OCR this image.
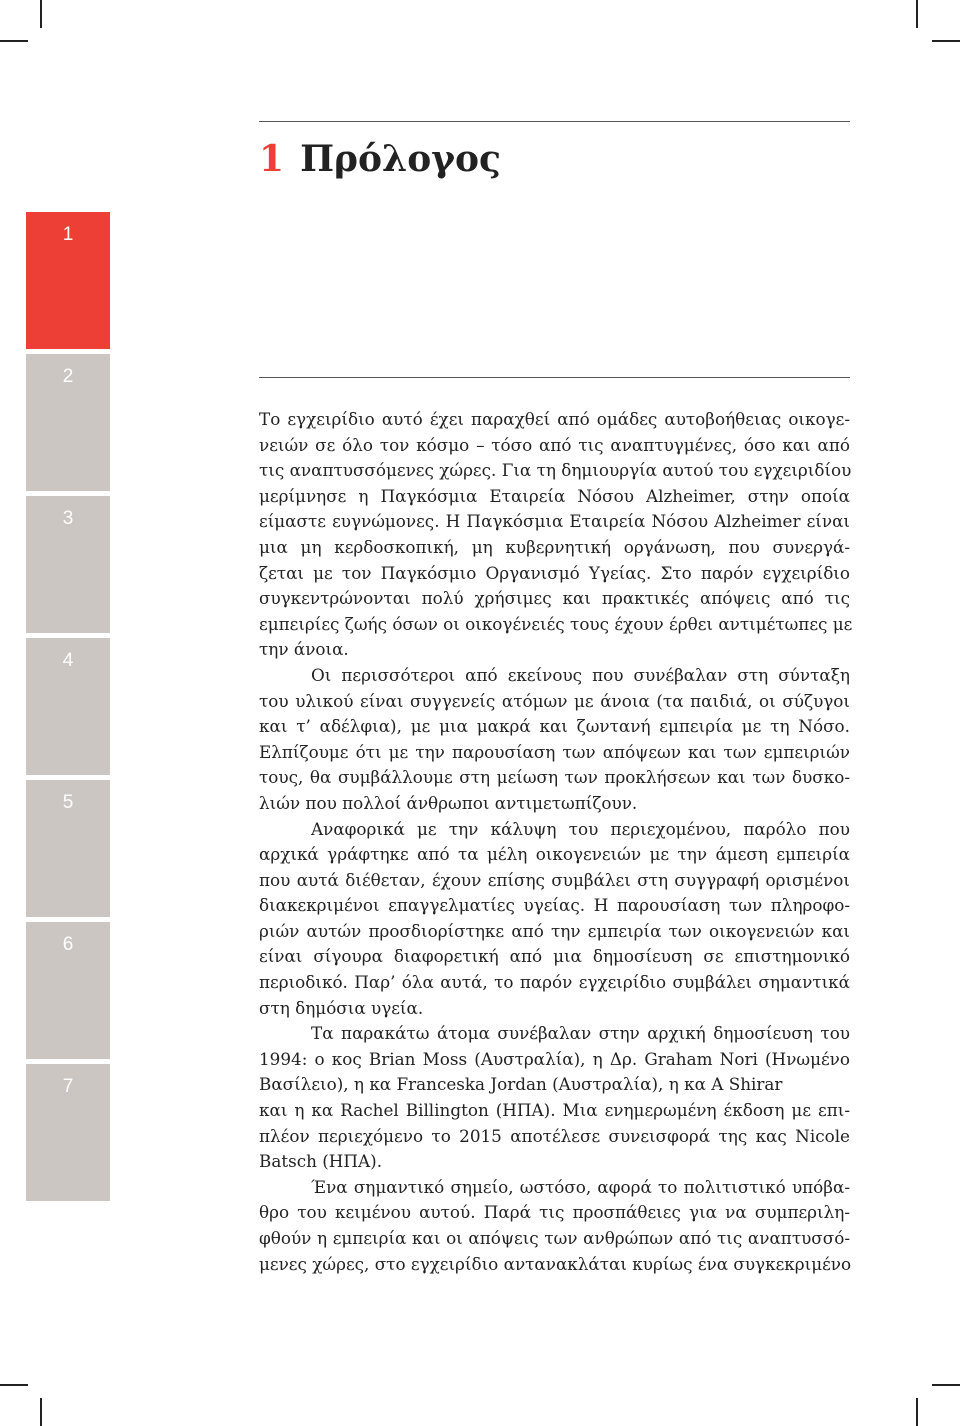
1
2
3
4
5
6
7
1 Πρόλογος
Το εγχειρίδιο αυτό έχει παραχθεί από ομάδες αυτοβοήθειας οικογε-
νειών σε όλο τον κόσμο – τόσο από τις αναπτυγμένες, όσο και από
τις αναπτυσσόμενες χώρες. Για τη δημιουργία αυτού του εγχειριδίου
μερίμνησε η Παγκόσμια Εταιρεία Νόσου Alzheimer, στην οποία
είμαστε ευγνώμονες. Η Παγκόσμια Εταιρεία Νόσου Alzheimer είναι
μια μη κερδοσκοπική, μη κυβερνητική οργάνωση, που συνεργά-
ζεται με τον Παγκόσμιο Οργανισμό Υγείας. Στο παρόν εγχειρίδιο
συγκεντρώνονται πολύ χρήσιμες και πρακτικές απόψεις από τις
εμπειρίες ζωής όσων οι οικογένειές τους έχουν έρθει αντιμέτωπες με
την άνοια.
Οι περισσότεροι από εκείνους που συνέβαλαν στη σύνταξη
του υλικού είναι συγγενείς ατόμων με άνοια (τα παιδιά, οι σύζυγοι
και τ’ αδέλφια), με μια μακρά και ζωντανή εμπειρία με τη Νόσο.
Ελπίζουμε ότι με την παρουσίαση των απόψεων και των εμπειριών
τους, θα συμβάλλουμε στη μείωση των προκλήσεων και των δυσκο-
λιών που πολλοί άνθρωποι αντιμετωπίζουν.
Αναφορικά με την κάλυψη του περιεχομένου, παρόλο που
αρχικά γράφτηκε από τα μέλη οικογενειών με την άμεση εμπειρία
που αυτά διέθεταν, έχουν επίσης συμβάλει στη συγγραφή ορισμένοι
διακεκριμένοι επαγγελματίες υγείας. Η παρουσίαση των πληροφο-
ριών αυτών προσδιορίστηκε από την εμπειρία των οικογενειών και
είναι σίγουρα διαφορετική από μια δημοσίευση σε επιστημονικό
περιοδικό. Παρ’ όλα αυτά, το παρόν εγχειρίδιο συμβάλει σημαντικά
στη δημόσια υγεία.
Τα παρακάτω άτομα συνέβαλαν στην αρχική δημοσίευση του
1994: ο κος Brian Moss (Αυστραλία), η Δρ. Graham Nori (Ηνωμένο
Βασίλειο), η κα Franceska Jordan (Αυστραλία), η κα A Shirar
και η κα Rachel Billington (ΗΠΑ). Μια ενημερωμένη έκδοση με επι-
πλέον περιεχόμενο το 2015 αποτέλεσε συνεισφορά της κας Nicole
Batsch (ΗΠΑ).
Ένα σημαντικό σημείο, ωστόσο, αφορά το πολιτιστικό υπόβα-
θρο του κειμένου αυτού. Παρά τις προσπάθειες για να συμπεριλη-
φθούν η εμπειρία και οι απόψεις των ανθρώπων από τις αναπτυσσό-
μενες χώρες, στο εγχειρίδιο αντανακλάται κυρίως ένα συγκεκριμένο
